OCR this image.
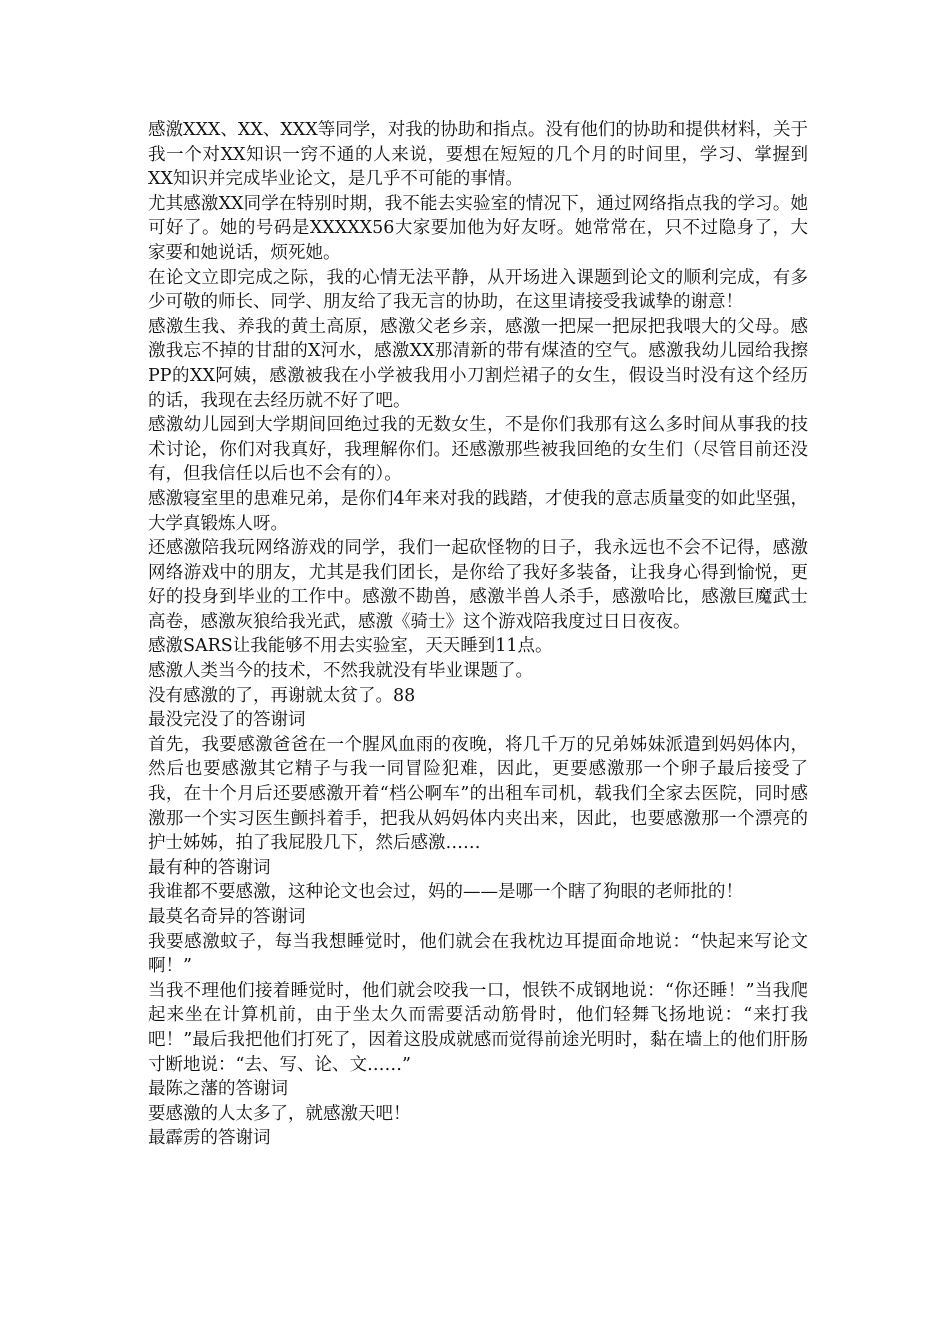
感激XXX、XX、XXX等同学，对我的协助和指点。没有他们的协助和提供材料，关于我一个对XX知识一窍不通的人来说，要想在短短的几个月的时间里，学习、掌握到XX知识并完成毕业论文，是几乎不可能的事情。

尤其感激XX同学在特别时期，我不能去实验室的情况下，通过网络指点我的学习。她可好了。她的号码是XXXXX56大家要加他为好友呀。她常常在，只不过隐身了，大家要和她说话，烦死她。

在论文立即完成之际，我的心情无法平静，从开场进入课题到论文的顺利完成，有多少可敬的师长、同学、朋友给了我无言的协助，在这里请接受我诚挚的谢意！

感激生我、养我的黄土高原，感激父老乡亲，感激一把屎一把尿把我喂大的父母。感激我忘不掉的甘甜的X河水，感激XX那清新的带有煤渣的空气。感激我幼儿园给我擦PP的XX阿姨，感激被我在小学被我用小刀割烂裙子的女生，假设当时没有这个经历的话，我现在去经历就不好了吧。

感激幼儿园到大学期间回绝过我的无数女生，不是你们我那有这么多时间从事我的技术讨论，你们对我真好，我理解你们。还感激那些被我回绝的女生们（尽管目前还没有，但我信任以后也不会有的）。

感激寝室里的患难兄弟，是你们4年来对我的践踏，才使我的意志质量变的如此坚强，大学真锻炼人呀。

还感激陪我玩网络游戏的同学，我们一起砍怪物的日子，我永远也不会不记得，感激网络游戏中的朋友，尤其是我们团长，是你给了我好多装备，让我身心得到愉悦，更好的投身到毕业的工作中。感激不勘兽，感激半兽人杀手，感激哈比，感激巨魔武士高卷，感激灰狼给我光武，感激《骑士》这个游戏陪我度过日日夜夜。

感激SARS让我能够不用去实验室，天天睡到11点。

感激人类当今的技术，不然我就没有毕业课题了。

没有感激的了，再谢就太贫了。88

最没完没了的答谢词

首先，我要感激爸爸在一个腥风血雨的夜晚，将几千万的兄弟姊妹派遣到妈妈体内，然后也要感激其它精子与我一同冒险犯难，因此，更要感激那一个卵子最后接受了我，在十个月后还要感激开着“档公啊车”的出租车司机，载我们全家去医院，同时感激那一个实习医生颤抖着手，把我从妈妈体内夹出来，因此，也要感激那一个漂亮的护士姊姊，拍了我屁股几下，然后感激……

最有种的答谢词

我谁都不要感激，这种论文也会过，妈的——是哪一个瞎了狗眼的老师批的！

最莫名奇异的答谢词

我要感激蚊子，每当我想睡觉时，他们就会在我枕边耳提面命地说：“快起来写论文啊！”

当我不理他们接着睡觉时，他们就会咬我一口，恨铁不成钢地说：“你还睡！”当我爬起来坐在计算机前，由于坐太久而需要活动筋骨时，他们轻舞飞扬地说：“来打我吧！”最后我把他们打死了，因着这股成就感而觉得前途光明时，黏在墙上的他们肝肠寸断地说：“去、写、论、文……”

最陈之藩的答谢词

要感激的人太多了，就感激天吧！

最霹雳的答谢词
